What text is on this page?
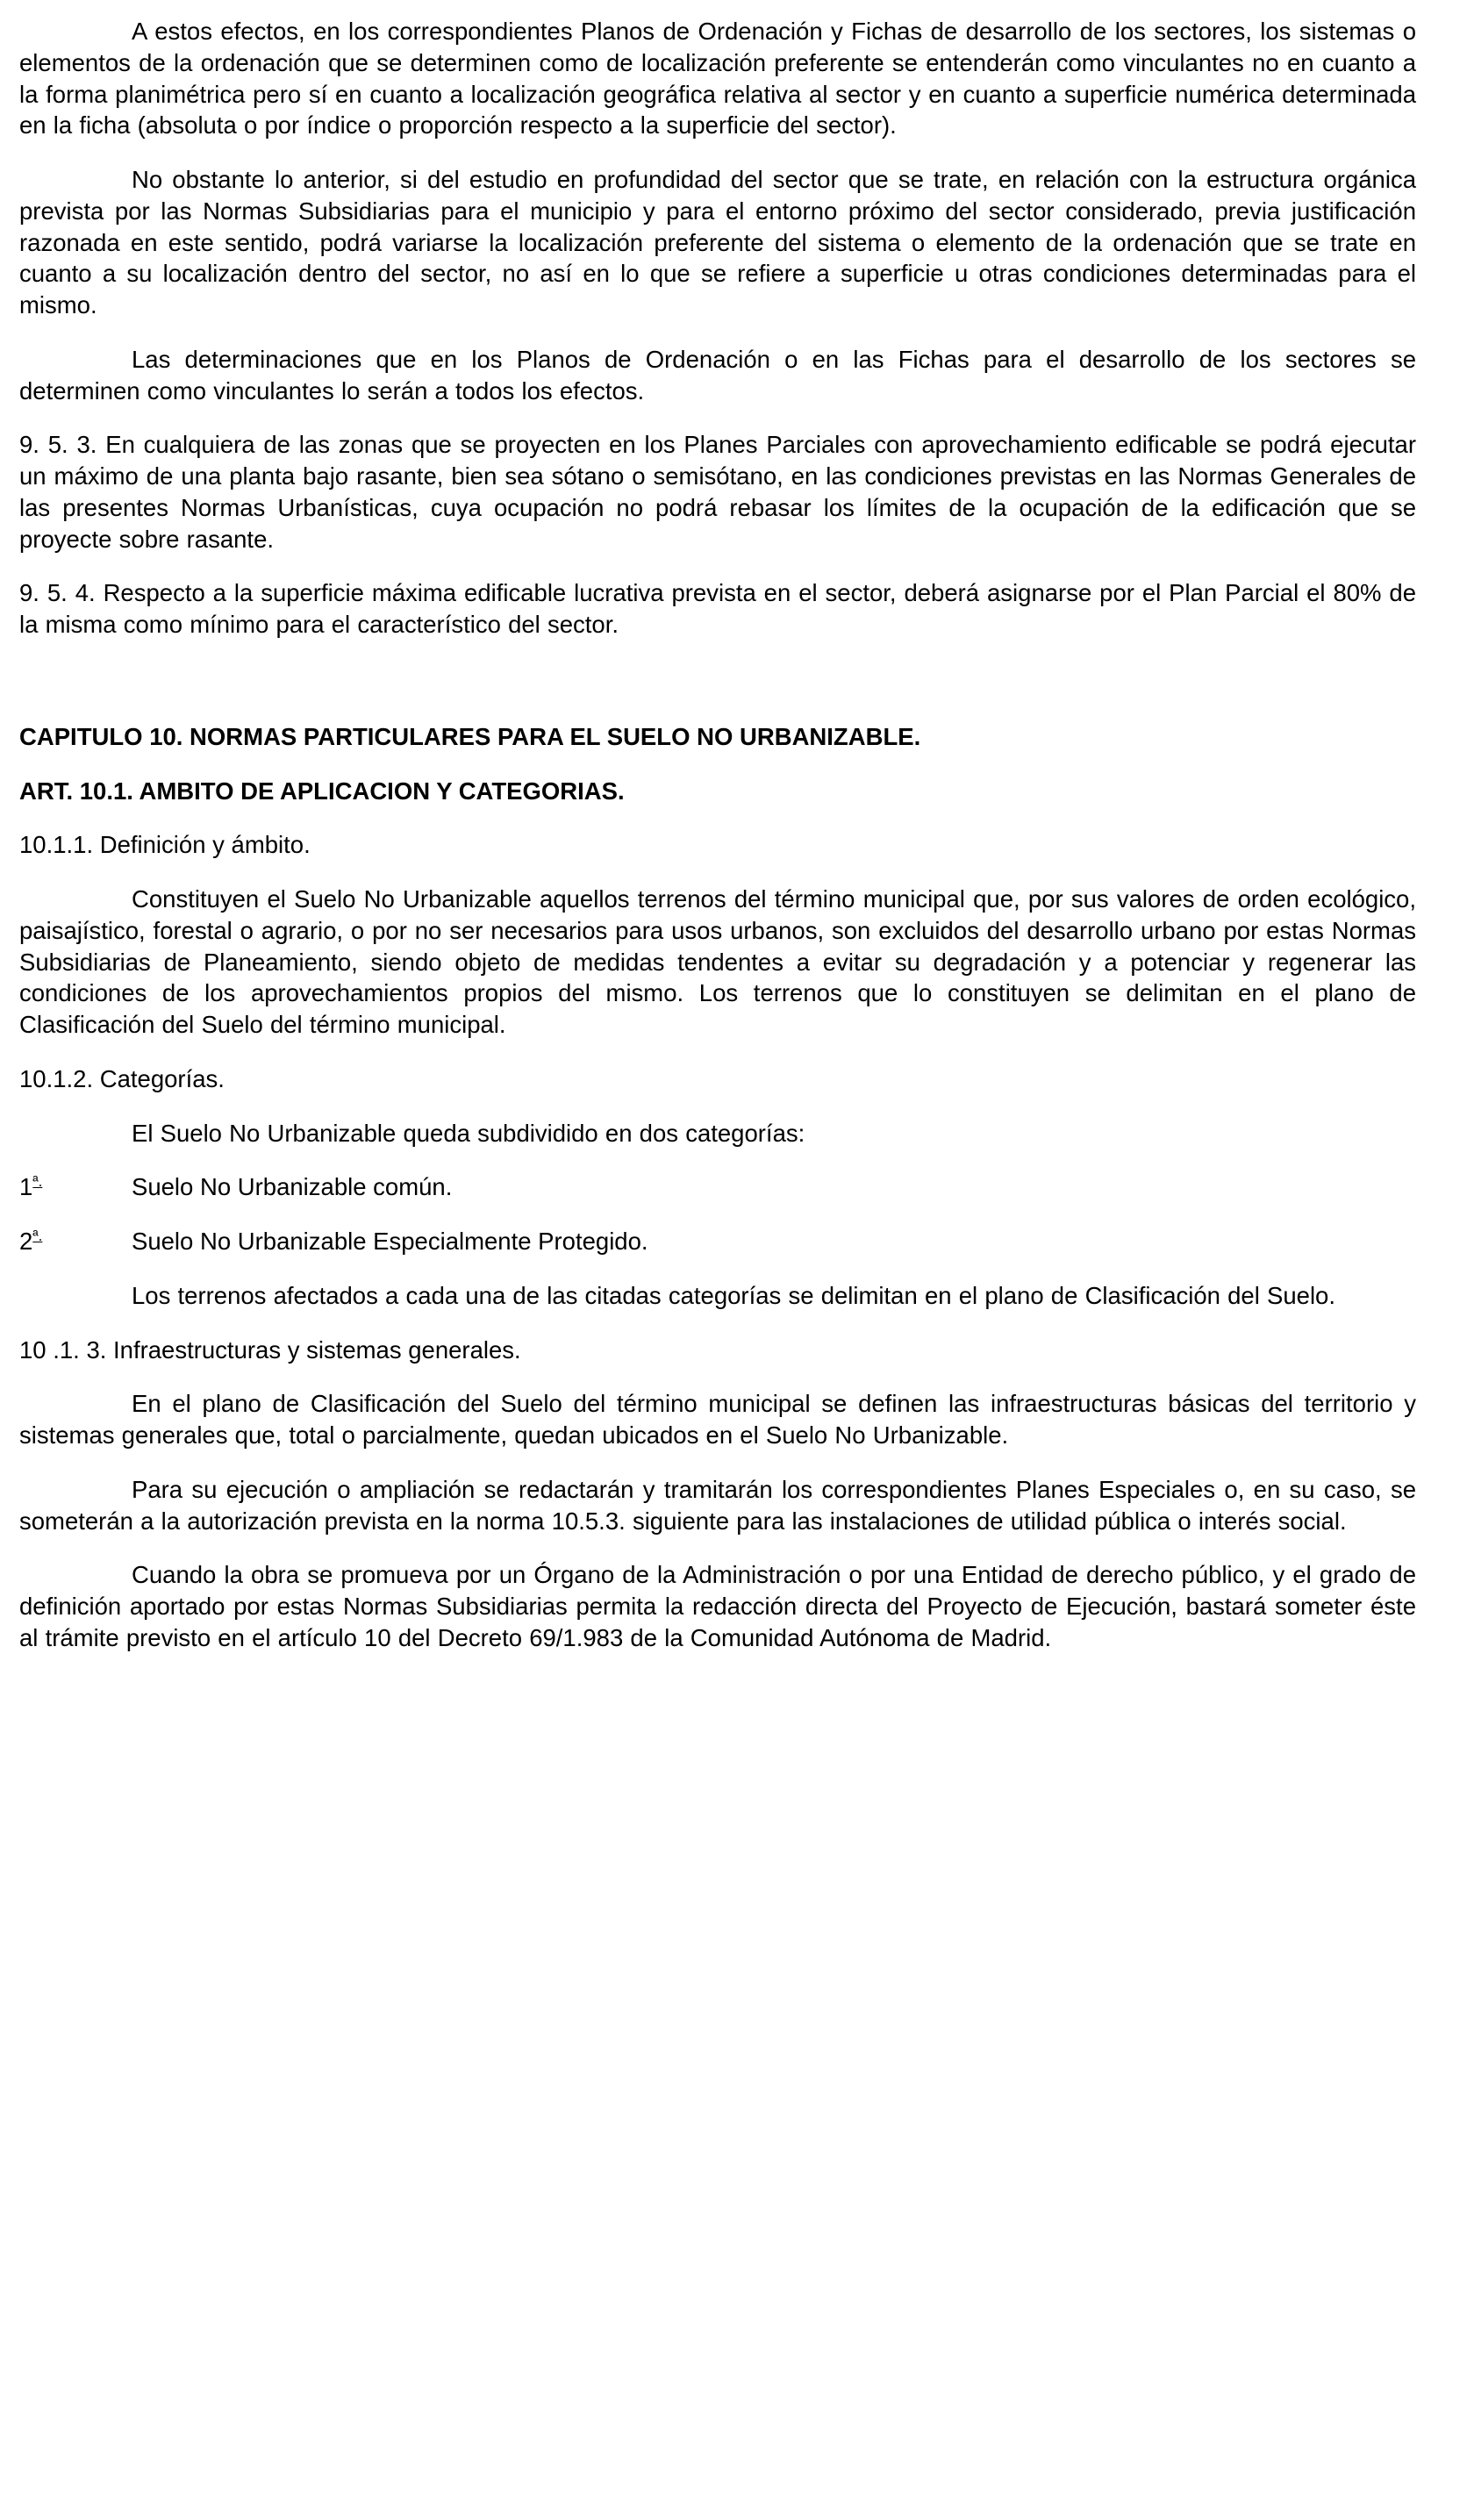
A estos efectos, en los correspondientes Planos de Ordenación y Fichas de desarrollo de los sectores, los sistemas o elementos de la ordenación que se determinen como de localización preferente se entenderán como vinculantes no en cuanto a la forma planimétrica pero sí en cuanto a localización geográfica relativa al sector y en cuanto a superficie numérica determinada en la ficha (absoluta o por índice o proporción respecto a la superficie del sector).

No obstante lo anterior, si del estudio en profundidad del sector que se trate, en relación con la estructura orgánica prevista por las Normas Subsidiarias para el municipio y para el entorno próximo del sector considerado, previa justificación razonada en este sentido, podrá variarse la localización preferente del sistema o elemento de la ordenación que se trate en cuanto a su localización dentro del sector, no así en lo que se refiere a superficie u otras condiciones determinadas para el mismo.

Las determinaciones que en los Planos de Ordenación o en las Fichas para el desarrollo de los sectores se determinen como vinculantes lo serán a todos los efectos.

9. 5. 3. En cualquiera de las zonas que se proyecten en los Planes Parciales con aprovechamiento edificable se podrá ejecutar un máximo de una planta bajo rasante, bien sea sótano o semisótano, en las condiciones previstas en las Normas Generales de las presentes Normas Urbanísticas, cuya ocupación no podrá rebasar los límites de la ocupación de la edificación que se proyecte sobre rasante.

9. 5. 4. Respecto a la superficie máxima edificable lucrativa prevista en el sector, deberá asignarse por el Plan Parcial el 80% de la misma como mínimo para el característico del sector.

CAPITULO 10. NORMAS PARTICULARES PARA EL SUELO NO URBANIZABLE.
ART. 10.1. AMBITO DE APLICACION Y CATEGORIAS.

10.1.1. Definición y ámbito.

Constituyen el Suelo No Urbanizable aquellos terrenos del término municipal que, por sus valores de orden ecológico, paisajístico, forestal o agrario, o por no ser necesarios para usos urbanos, son excluidos del desarrollo urbano por estas Normas Subsidiarias de Planeamiento, siendo objeto de medidas tendentes a evitar su degradación y a potenciar y regenerar las condiciones de los aprovechamientos propios del mismo. Los terrenos que lo constituyen se delimitan en el plano de Clasificación del Suelo del término municipal.

10.1.2. Categorías.

El Suelo No Urbanizable queda subdividido en dos categorías:

$1^{ª.}$	Suelo No Urbanizable común.
$2^{ª.}$	Suelo No Urbanizable Especialmente Protegido.

Los terrenos afectados a cada una de las citadas categorías se delimitan en el plano de Clasificación del Suelo.

10 .1. 3. Infraestructuras y sistemas generales.

En el plano de Clasificación del Suelo del término municipal se definen las infraestructuras básicas del territorio y sistemas generales que, total o parcialmente, quedan ubicados en el Suelo No Urbanizable.

Para su ejecución o ampliación se redactarán y tramitarán los correspondientes Planes Especiales o, en su caso, se someterán a la autorización prevista en la norma 10.5.3. siguiente para las instalaciones de utilidad pública o interés social.

Cuando la obra se promueva por un Órgano de la Administración o por una Entidad de derecho público, y el grado de definición aportado por estas Normas Subsidiarias permita la redacción directa del Proyecto de Ejecución, bastará someter éste al trámite previsto en el artículo 10 del Decreto 69/1.983 de la Comunidad Autónoma de Madrid.
